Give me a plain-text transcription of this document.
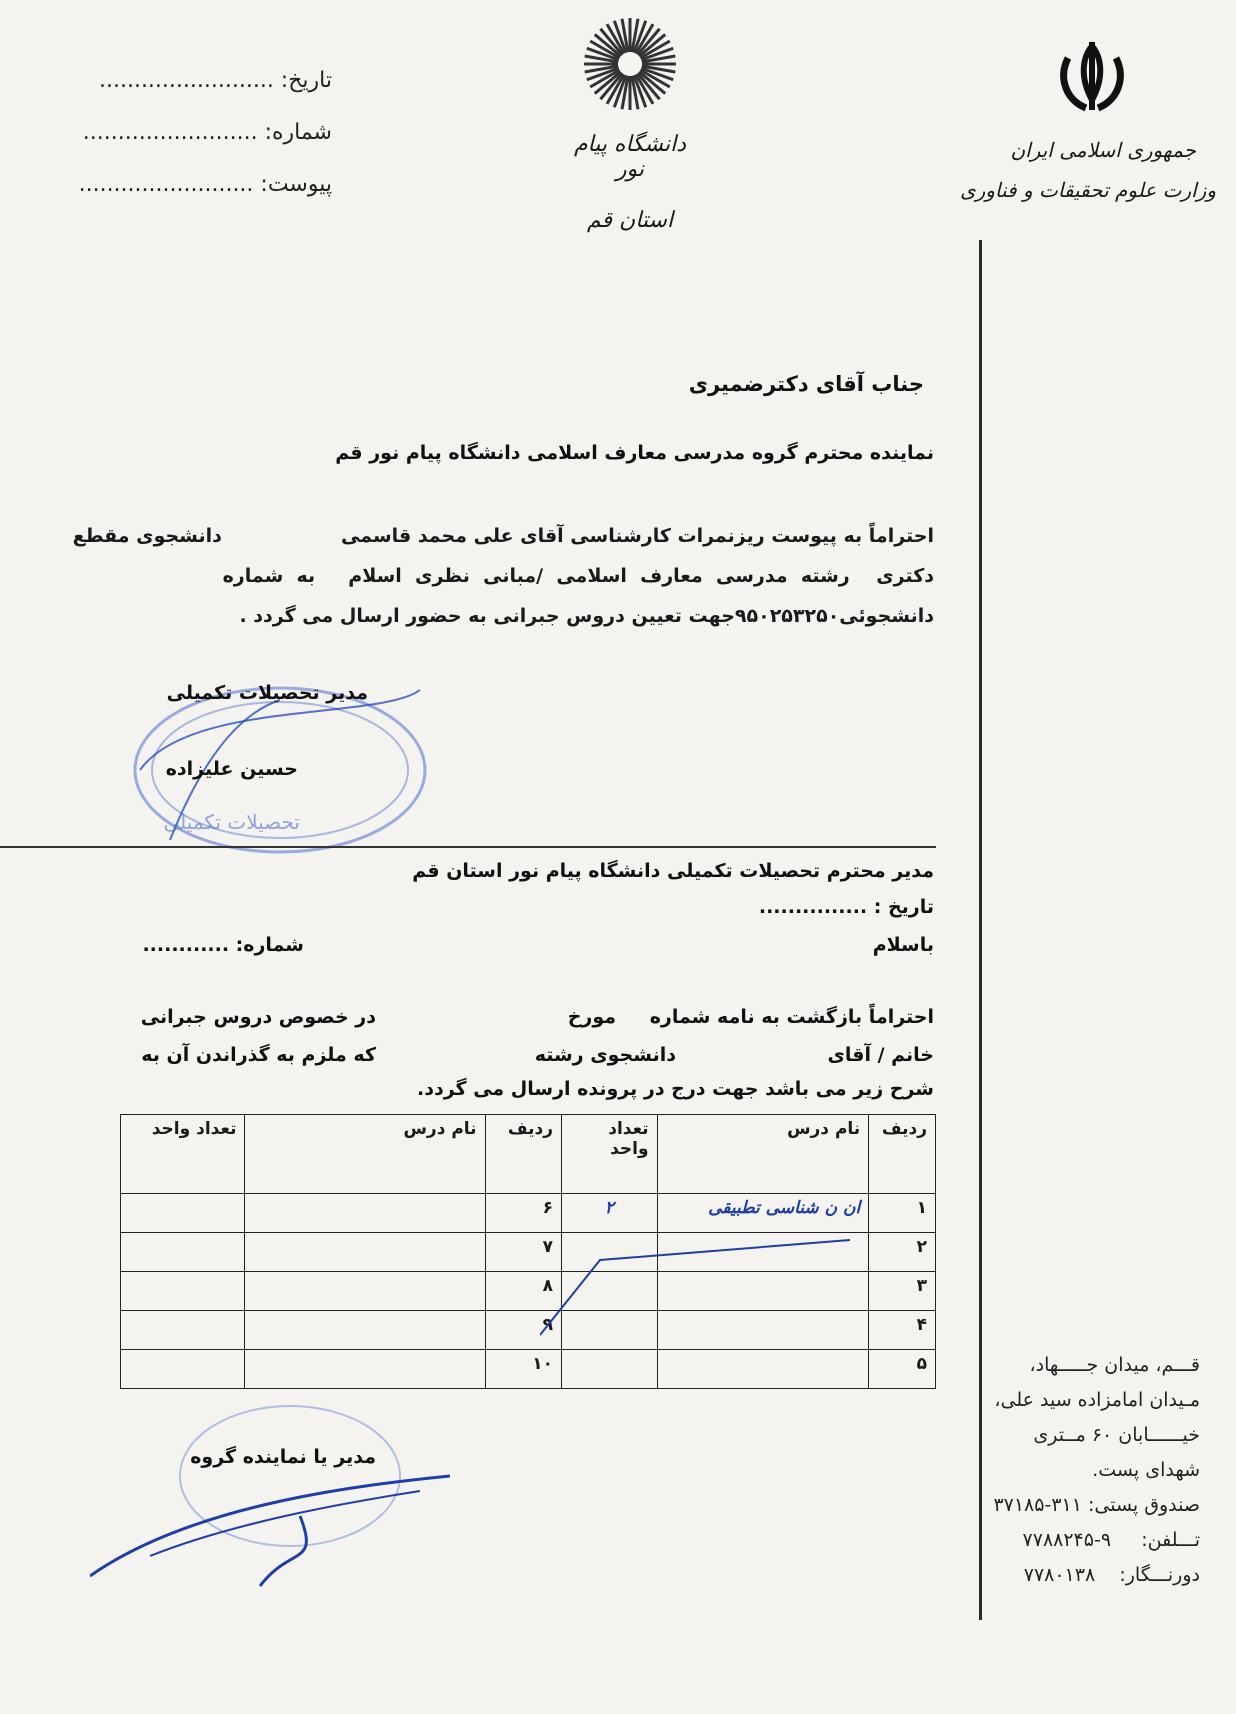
جمهوری اسلامی ایران
وزارت علوم تحقیقات و فناوری
دانشگاه پیام نور
استان قم
تاریخ: .........................
شماره: .........................
پیوست: .........................
جناب آقای دکترضمیری
نماینده محترم گروه مدرسی معارف اسلامی دانشگاه پیام نور قم
احتراماً به پیوست ریزنمرات کارشناسی آقای علی محمد قاسمی                  دانشجوی مقطع
دکتری    رشته  مدرسی  معارف  اسلامی  /مبانی  نظری  اسلام     به  شماره
دانشجوئی۹۵۰۲۵۳۲۵۰جهت تعیین دروس جبرانی به حضور ارسال می گردد .
مدیر تحصیلات تکمیلی
حسین علیزاده
تحصیلات تکمیلی
مدیر محترم تحصیلات تکمیلی دانشگاه پیام نور استان قم
تاریخ : ...............
شماره: ............	باسلام
احتراماً بازگشت به نامه شماره
مورخ
در خصوص دروس جبرانی
خانم / آقای
دانشجوی رشته
که ملزم به گذراندن آن به
شرح زیر می باشد جهت درج در پرونده ارسال می گردد.
ردیف	نام درس	تعداد واحد	ردیف	نام درس	تعداد واحد
۱	ان ن شناسی تطبیقی	۲	۶		
۲			۷		
۳			۸		
۴			۹		
۵			۱۰		
مدیر یا نماینده گروه
قـــم، میدان جـــــهاد،
مـیدان امامزاده سید علی،
خیــــــابان ۶۰ مــتری
شهدای پست.
صندوق پستی: ۳۱۱-۳۷۱۸۵
تـــلفن:     ۹-۷۷۸۸۲۴۵
دورنـــگار:    ۷۷۸۰۱۳۸
